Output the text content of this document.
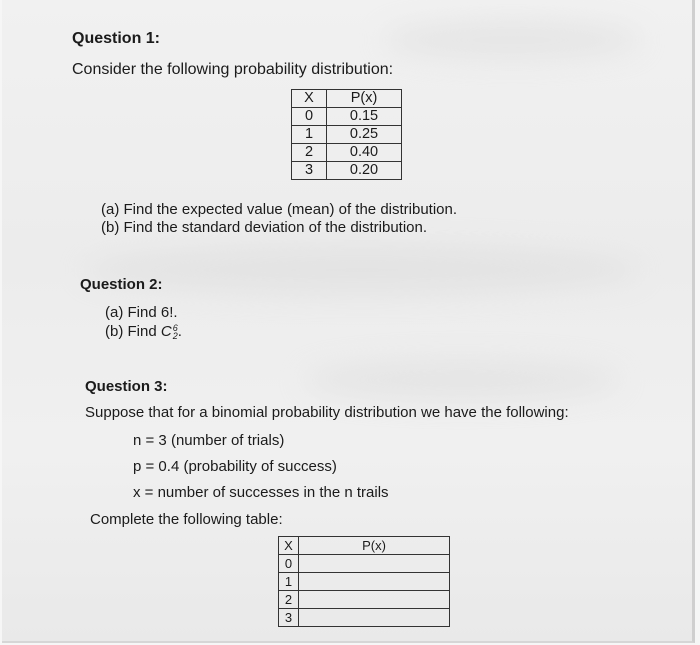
Question 1:
Consider the following probability distribution:
X	P(x)
0	0.15
1	0.25
2	0.40
3	0.20
(a) Find the expected value (mean) of the distribution.
(b) Find the standard deviation of the distribution.
Question 2:
(a) Find 6!.
(b) Find C 6
2 .
Question 3:
Suppose that for a binomial probability distribution we have the following:
n = 3 (number of trials)
p = 0.4 (probability of success)
x = number of successes in the n trails
Complete the following table:
X	P(x)
0	
1	
2	
3	
